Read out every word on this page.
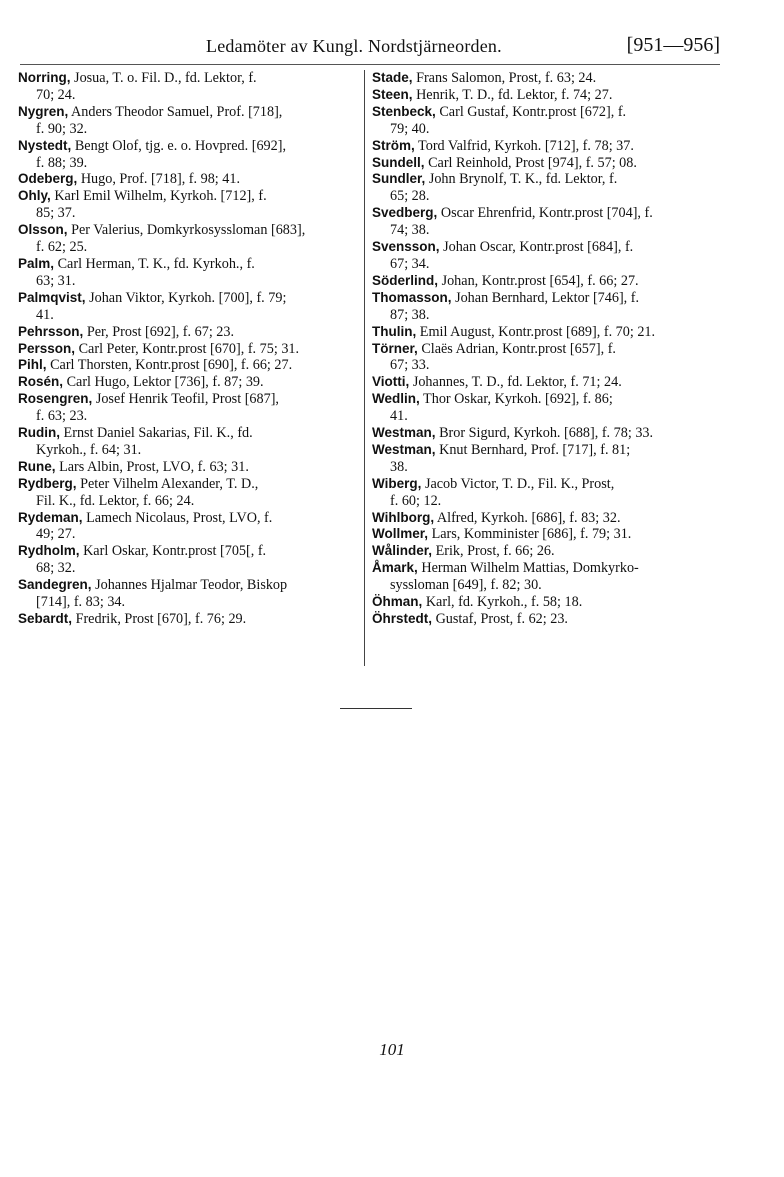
Ledamöter av Kungl. Nordstjärneorden.	[951—956]

Norring, Josua, T. o. Fil. D., fd. Lektor, f.
70; 24.

Nygren, Anders Theodor Samuel, Prof. [718],
f. 90; 32.

Nystedt, Bengt Olof, tjg. e. o. Hovpred. [692],
f. 88; 39.

Odeberg, Hugo, Prof. [718], f. 98; 41.

Ohly, Karl Emil Wilhelm, Kyrkoh. [712], f.
85; 37.

Olsson, Per Valerius, Domkyrkosyssloman [683],
f. 62; 25.

Palm, Carl Herman, T. K., fd. Kyrkoh., f.
63; 31.

Palmqvist, Johan Viktor, Kyrkoh. [700], f. 79;
41.

Pehrsson, Per, Prost [692], f. 67; 23.

Persson, Carl Peter, Kontr.prost [670], f. 75; 31.

Pihl, Carl Thorsten, Kontr.prost [690], f. 66; 27.

Rosén, Carl Hugo, Lektor [736], f. 87; 39.

Rosengren, Josef Henrik Teofil, Prost [687],
f. 63; 23.

Rudin, Ernst Daniel Sakarias, Fil. K., fd.
Kyrkoh., f. 64; 31.

Rune, Lars Albin, Prost, LVO, f. 63; 31.

Rydberg, Peter Vilhelm Alexander, T. D.,
Fil. K., fd. Lektor, f. 66; 24.

Rydeman, Lamech Nicolaus, Prost, LVO, f.
49; 27.

Rydholm, Karl Oskar, Kontr.prost [705[, f.
68; 32.

Sandegren, Johannes Hjalmar Teodor, Biskop
[714], f. 83; 34.

Sebardt, Fredrik, Prost [670], f. 76; 29.

Stade, Frans Salomon, Prost, f. 63; 24.

Steen, Henrik, T. D., fd. Lektor, f. 74; 27.

Stenbeck, Carl Gustaf, Kontr.prost [672], f.
79; 40.

Ström, Tord Valfrid, Kyrkoh. [712], f. 78; 37.

Sundell, Carl Reinhold, Prost [974], f. 57; 08.

Sundler, John Brynolf, T. K., fd. Lektor, f.
65; 28.

Svedberg, Oscar Ehrenfrid, Kontr.prost [704], f.
74; 38.

Svensson, Johan Oscar, Kontr.prost [684], f.
67; 34.

Söderlind, Johan, Kontr.prost [654], f. 66; 27.

Thomasson, Johan Bernhard, Lektor [746], f.
87; 38.

Thulin, Emil August, Kontr.prost [689], f. 70; 21.

Törner, Claës Adrian, Kontr.prost [657], f.
67; 33.

Viotti, Johannes, T. D., fd. Lektor, f. 71; 24.

Wedlin, Thor Oskar, Kyrkoh. [692], f. 86;
41.

Westman, Bror Sigurd, Kyrkoh. [688], f. 78; 33.

Westman, Knut Bernhard, Prof. [717], f. 81;
38.

Wiberg, Jacob Victor, T. D., Fil. K., Prost,
f. 60; 12.

Wihlborg, Alfred, Kyrkoh. [686], f. 83; 32.

Wollmer, Lars, Komminister [686], f. 79; 31.

Wålinder, Erik, Prost, f. 66; 26.

Åmark, Herman Wilhelm Mattias, Domkyrko-
syssloman [649], f. 82; 30.

Öhman, Karl, fd. Kyrkoh., f. 58; 18.

Öhrstedt, Gustaf, Prost, f. 62; 23.

101
